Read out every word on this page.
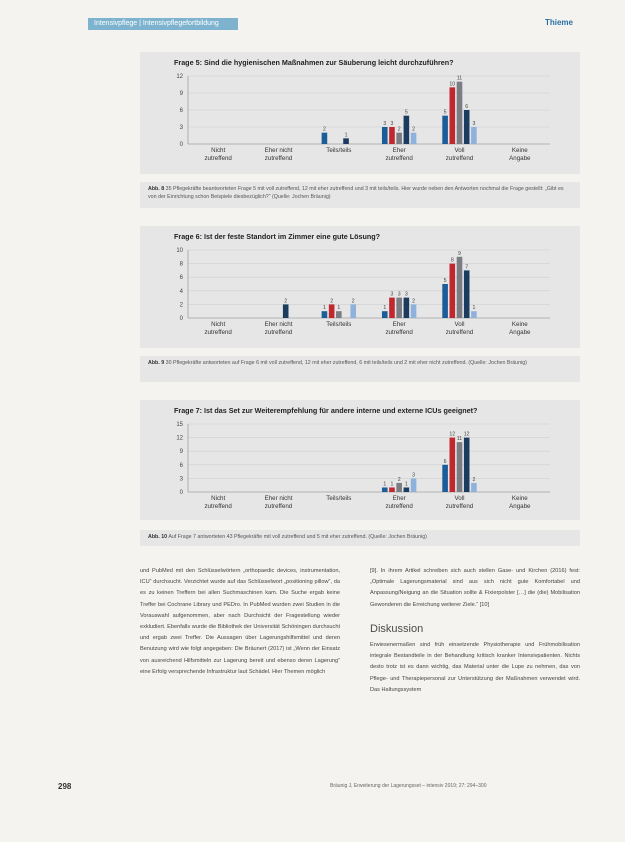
Intensivpflege | Intensivpflegefortbildung	Thieme
Frage 5: Sind die hygienischen Maßnahmen zur Säuberung leicht durchzuführen?
0
3
6
9
12
Nicht
zutreffend
Eher nicht
zutreffend
Teils/teils
2
1
Eher
zutreffend
3 3
2
5
2
Voll
zutreffend
5
10
11
6
3
Keine
Angabe
Abb. 8 35 Pflegekräfte beantworteten Frage 5 mit voll zutreffend, 12 mit eher zutreffend und 3 mit teils/teils. Hier wurde neben den Antworten nochmal die Frage gestellt: „Gibt es von der Einrichtung schon Beispiele diesbezüglich?“ (Quelle: Jochen Bräunig)
Frage 6: Ist der feste Standort im Zimmer eine gute Lösung?
0
2
4
6
8
10
Nicht
zutreffend
Eher nicht
zutreffend
2
Teils/teils
1
2
1
2
Eher
zutreffend
1
3 3 3
2
Voll
zutreffend
5
8
9
7
1
Keine
Angabe
Abb. 9 30 Pflegekräfte antworteten auf Frage 6 mit voll zutreffend, 12 mit eher zutreffend, 6 mit teils/teils und 2 mit eher nicht zutreffend. (Quelle: Jochen Bräunig)
Frage 7: Ist das Set zur Weiterempfehlung für andere interne und externe ICUs geeignet?
0
3
6
9
12
15
Nicht
zutreffend
Eher nicht
zutreffend
Teils/teils	Eher
zutreffend
1 1
2
1
3
Voll
zutreffend
6
12
11
12
2
Keine
Angabe
Abb. 10 Auf Frage 7 antworteten 43 Pflegekräfte mit voll zutreffend und 5 mit eher zutreffend. (Quelle: Jochen Bräunig)
und PubMed mit den Schlüsselwörtern „orthopaedic devices, instrumentation, ICU“ durchsucht. Verzichtet wurde auf das Schlüsselwort „positioning pillow“, da es zu keinen Treffern bei allen Suchmaschinen kam. Die Suche ergab keine Treffer bei Cochrane Library und PEDro. In PubMed wurden zwei Studien in die Vorauswahl aufgenommen, aber nach Durchsicht der Fragestellung wieder exkludiert. Ebenfalls wurde die Bibliothek der Universität Schöningen durchsucht und ergab zwei Treffer. Die Aussagen über Lagerungshilfsmittel und deren Benutzung wird wie folgt angegeben: Die Bräunert (2017) ist „Wenn der Einsatz von ausreichend Hilfsmitteln zur Lagerung bereit und ebenso deren Lagerung“ eine Erfolg versprechende Infrastruktur laut Schädel. Hier Themen möglich
[9]. In ihrem Artikel schreiben sich auch stellen Gase- und Kirchen (2016) fest: „Optimale Lagerungsmaterial sind aus sich nicht gute Komfortabel und Anpassung/Neigung an die Situation sollte & Fixierpolster […] die (die) Mobilisation Gewonderen die Erreichung weiterer Ziele.“ [10]
Diskussion
Erwiesenermaßen sind früh einsetzende Physiotherapie und Frühmobilisation integrale Bestandteile in der Behandlung kritisch kranker Intensivpatienten. Nichts desto trotz ist es dann wichtig, das Material unter die Lupe zu nehmen, das von Pflege- und Therapiepersonal zur Unterstützung der Maßnahmen verwendet wird. Das Haltungssystem
298	Bräunig J, Erweiterung der Lagerungsset – intensiv 2019; 27: 294–300
